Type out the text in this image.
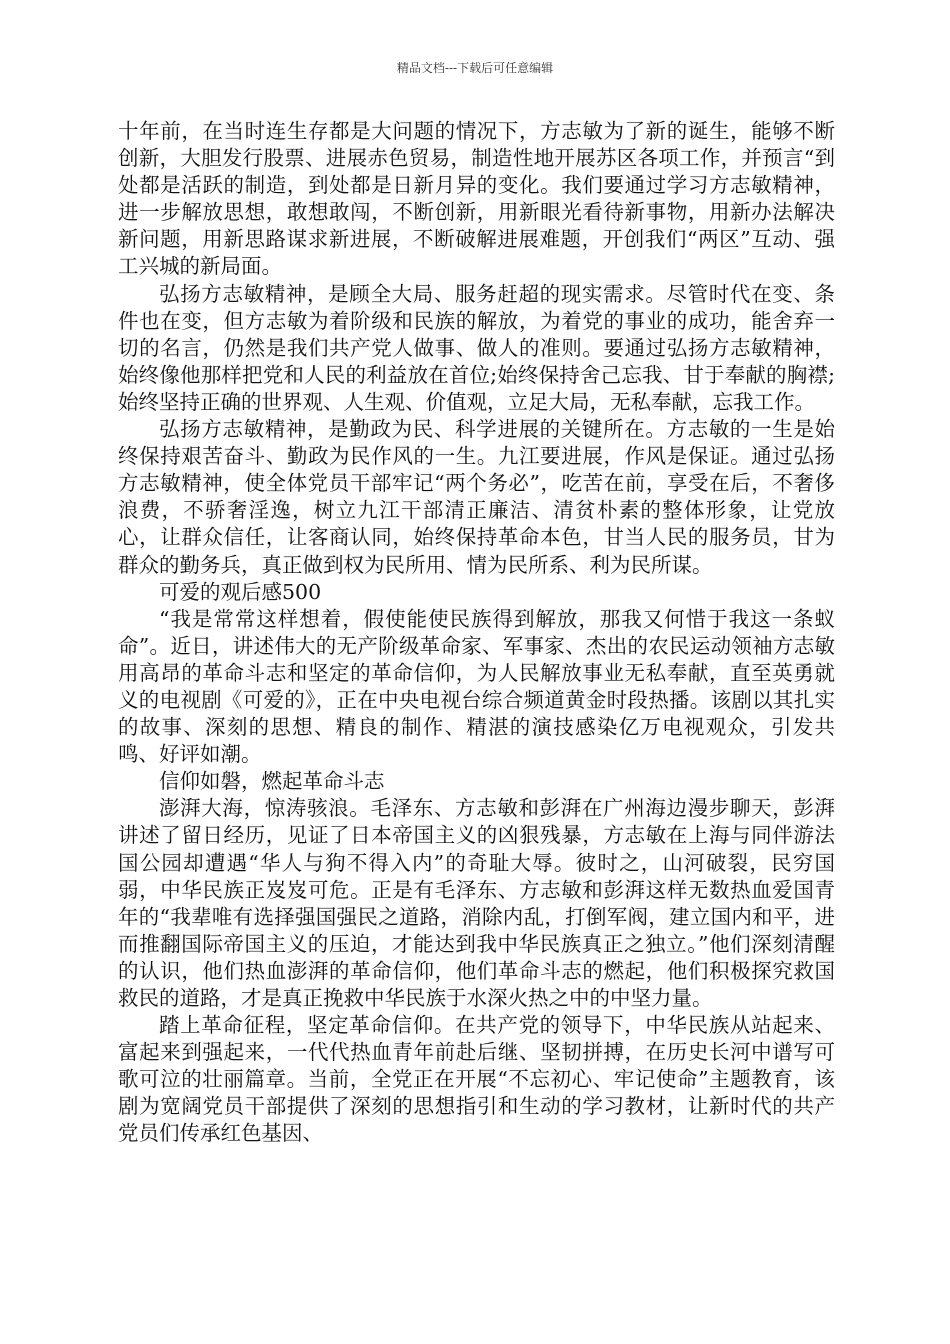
精品文档---下载后可任意编辑

十年前，在当时连生存都是大问题的情况下，方志敏为了新的诞生，能够不断创新，大胆发行股票、进展赤色贸易，制造性地开展苏区各项工作，并预言“到处都是活跃的制造，到处都是日新月异的变化。我们要通过学习方志敏精神，进一步解放思想，敢想敢闯，不断创新，用新眼光看待新事物，用新办法解决新问题，用新思路谋求新进展，不断破解进展难题，开创我们“两区”互动、强工兴城的新局面。

弘扬方志敏精神，是顾全大局、服务赶超的现实需求。尽管时代在变、条件也在变，但方志敏为着阶级和民族的解放，为着党的事业的成功，能舍弃一切的名言，仍然是我们共产党人做事、做人的准则。要通过弘扬方志敏精神，始终像他那样把党和人民的利益放在首位;始终保持舍己忘我、甘于奉献的胸襟;始终坚持正确的世界观、人生观、价值观，立足大局，无私奉献，忘我工作。

弘扬方志敏精神，是勤政为民、科学进展的关键所在。方志敏的一生是始终保持艰苦奋斗、勤政为民作风的一生。九江要进展，作风是保证。通过弘扬方志敏精神，使全体党员干部牢记“两个务必”，吃苦在前，享受在后，不奢侈浪费，不骄奢淫逸，树立九江干部清正廉洁、清贫朴素的整体形象，让党放心，让群众信任，让客商认同，始终保持革命本色，甘当人民的服务员，甘为群众的勤务兵，真正做到权为民所用、情为民所系、利为民所谋。

可爱的观后感500

“我是常常这样想着，假使能使民族得到解放，那我又何惜于我这一条蚁命”。近日，讲述伟大的无产阶级革命家、军事家、杰出的农民运动领袖方志敏用高昂的革命斗志和坚定的革命信仰，为人民解放事业无私奉献，直至英勇就义的电视剧《可爱的》，正在中央电视台综合频道黄金时段热播。该剧以其扎实的故事、深刻的思想、精良的制作、精湛的演技感染亿万电视观众，引发共鸣、好评如潮。

信仰如磐，燃起革命斗志

澎湃大海，惊涛骇浪。毛泽东、方志敏和彭湃在广州海边漫步聊天，彭湃讲述了留日经历，见证了日本帝国主义的凶狠残暴，方志敏在上海与同伴游法国公园却遭遇“华人与狗不得入内”的奇耻大辱。彼时之，山河破裂，民穷国弱，中华民族正岌岌可危。正是有毛泽东、方志敏和彭湃这样无数热血爱国青年的“我辈唯有选择强国强民之道路，消除内乱，打倒军阀，建立国内和平，进而推翻国际帝国主义的压迫，才能达到我中华民族真正之独立。”他们深刻清醒的认识，他们热血澎湃的革命信仰，他们革命斗志的燃起，他们积极探究救国救民的道路，才是真正挽救中华民族于水深火热之中的中坚力量。

踏上革命征程，坚定革命信仰。在共产党的领导下，中华民族从站起来、富起来到强起来，一代代热血青年前赴后继、坚韧拼搏，在历史长河中谱写可歌可泣的壮丽篇章。当前，全党正在开展“不忘初心、牢记使命”主题教育，该剧为宽阔党员干部提供了深刻的思想指引和生动的学习教材，让新时代的共产党员们传承红色基因、
